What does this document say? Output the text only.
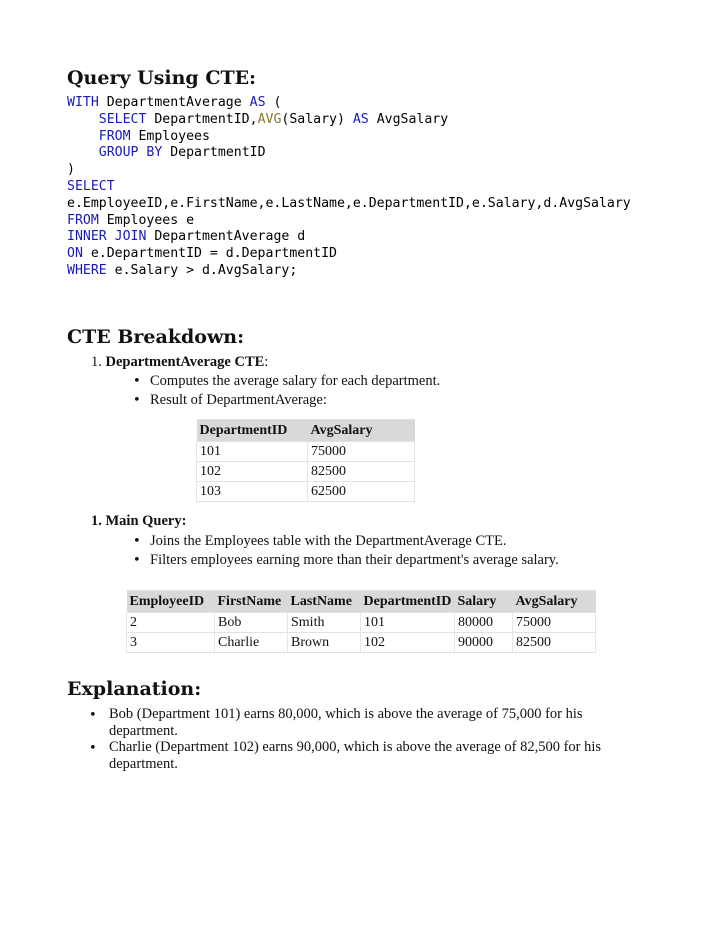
Query Using CTE:
WITH DepartmentAverage AS (
SELECT DepartmentID,AVG(Salary) AS AvgSalary
FROM Employees
GROUP BY DepartmentID
)
SELECT
e.EmployeeID,e.FirstName,e.LastName,e.DepartmentID,e.Salary,d.AvgSalary
FROM Employees e
INNER JOIN DepartmentAverage d
ON e.DepartmentID = d.DepartmentID
WHERE e.Salary > d.AvgSalary;
CTE Breakdown:
1. DepartmentAverage CTE:
• Computes the average salary for each department.
• Result of DepartmentAverage:
DepartmentID	AvgSalary
101	75000
102	82500
103	62500
1. Main Query:
• Joins the Employees table with the DepartmentAverage CTE.
• Filters employees earning more than their department's average salary.
EmployeeID	FirstName	LastName	DepartmentID	Salary	AvgSalary
2	Bob	Smith	101	80000	75000
3	Charlie	Brown	102	90000	82500
Explanation:
• Bob (Department 101) earns 80,000, which is above the average of 75,000 for his
department.
• Charlie (Department 102) earns 90,000, which is above the average of 82,500 for his
department.
